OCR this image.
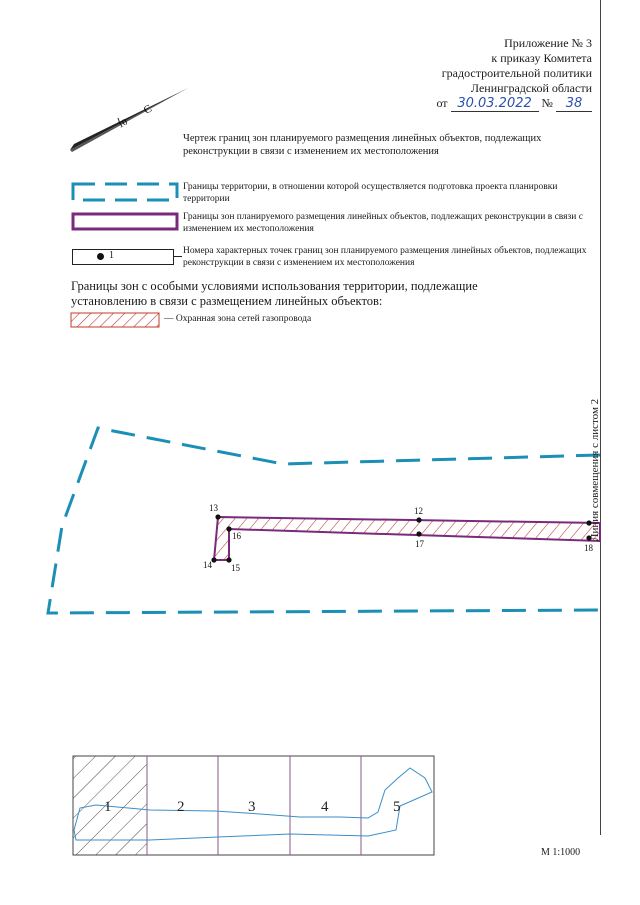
Приложение № 3
к приказу Комитета
градостроительной политики
Ленинградской области
от 30.03.2022 № 38
С
10
Чертеж границ зон планируемого размещения линейных объектов, подлежащих реконструкции в связи с изменением их местоположения
Границы территории, в отношении которой осуществляется подготовка проекта планировки территории
Границы зон планируемого размещения линейных объектов, подлежащих реконструкции в связи с изменением их местоположения
1	Номера характерных точек границ зон планируемого размещения линейных объектов, подлежащих реконструкции в связи с изменением их местоположения
Границы зон с особыми условиями использования территории, подлежащие установлению в связи с размещением линейных объектов:
— Охранная зона сетей газопровода
12
13
14 15
16
17	18
1	2	3	4	5
Линия совмещения с листом 2
М 1:1000
